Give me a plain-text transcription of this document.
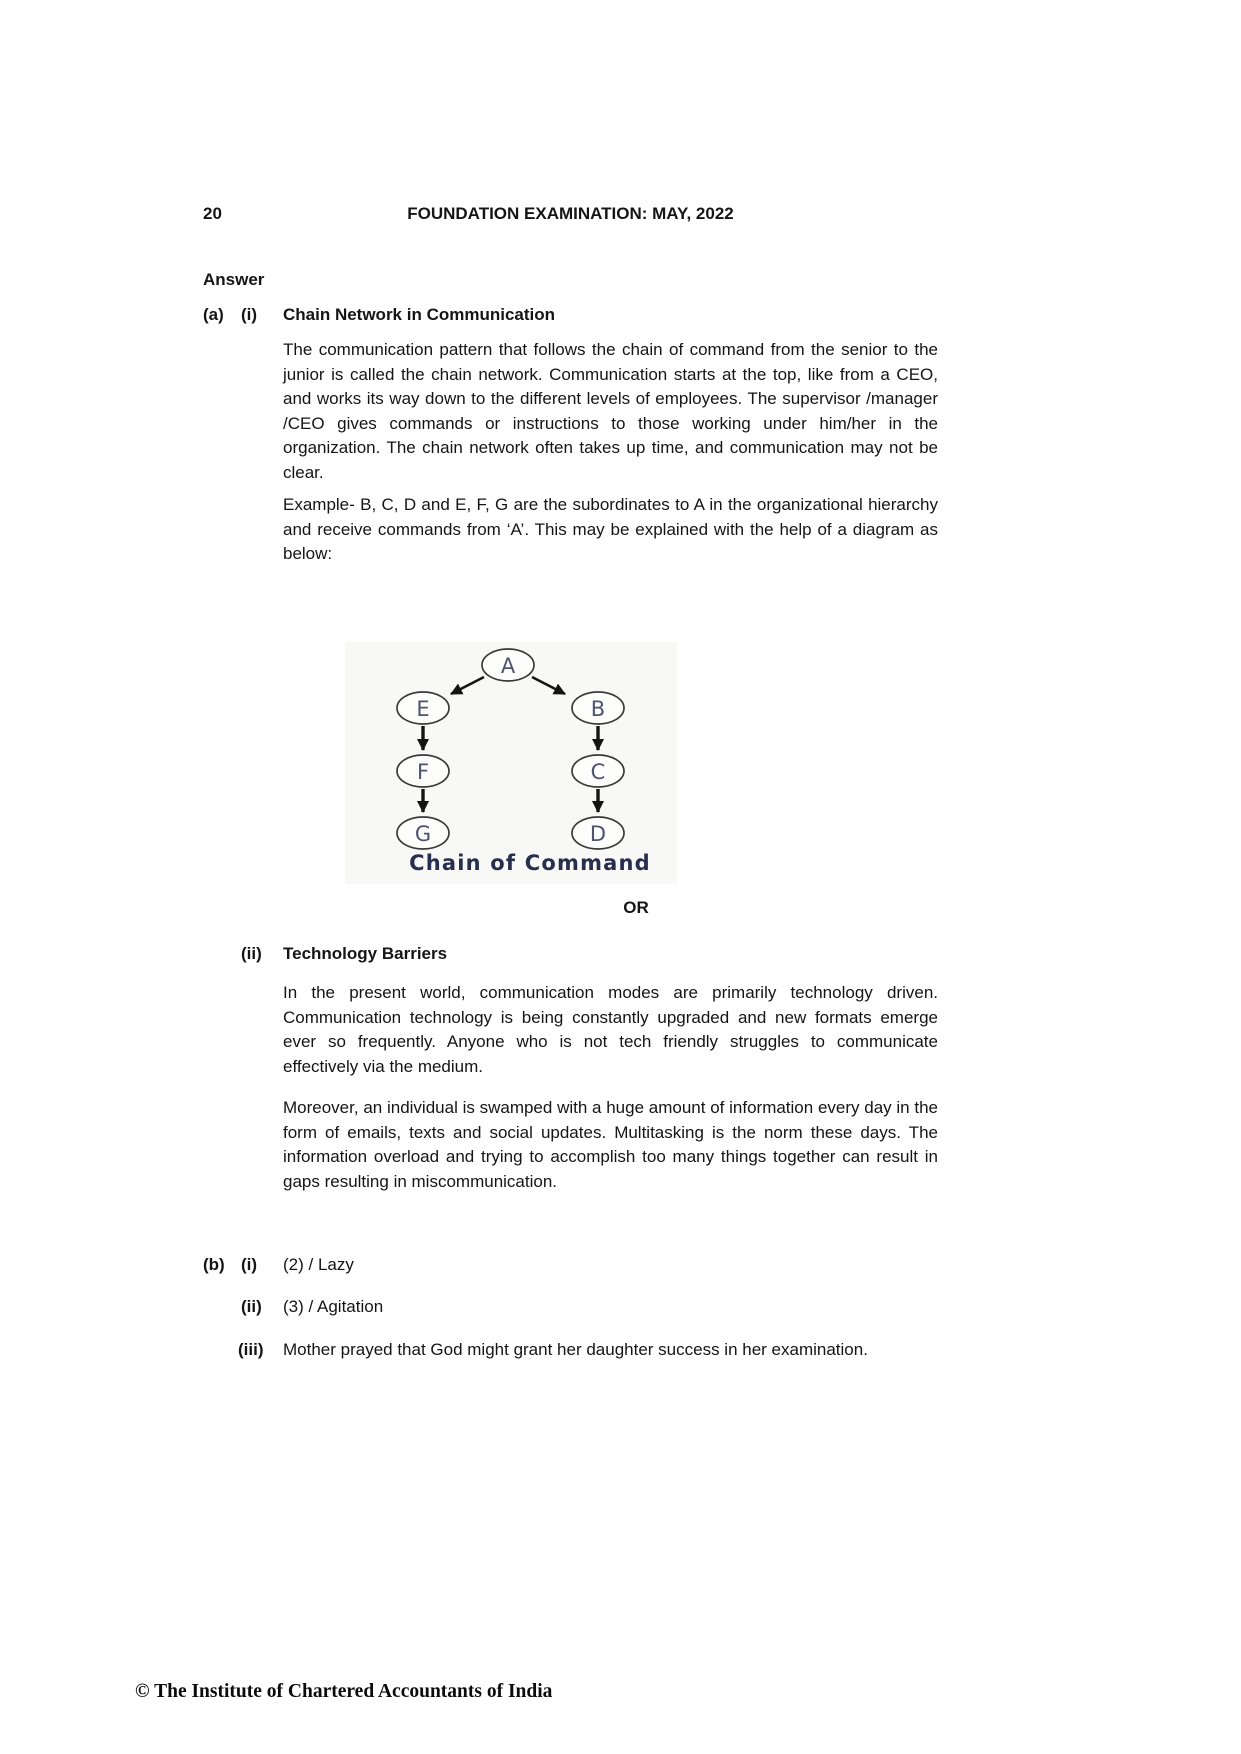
20	FOUNDATION EXAMINATION: MAY, 2022
Answer
(a) (i) Chain Network in Communication

The communication pattern that follows the chain of command from the senior to the junior is called the chain network. Communication starts at the top, like from a CEO, and works its way down to the different levels of employees. The supervisor /manager /CEO gives commands or instructions to those working under him/her in the organization. The chain network often takes up time, and communication may not be clear.

Example- B, C, D and E, F, G are the subordinates to A in the organizational hierarchy and receive commands from ‘A’. This may be explained with the help of a diagram as below:

A
E	B
F	C
G	D
Chain of Command
OR
(ii) Technology Barriers

In the present world, communication modes are primarily technology driven. Communication technology is being constantly upgraded and new formats emerge ever so frequently. Anyone who is not tech friendly struggles to communicate effectively via the medium.

Moreover, an individual is swamped with a huge amount of information every day in the form of emails, texts and social updates. Multitasking is the norm these days. The information overload and trying to accomplish too many things together can result in gaps resulting in miscommunication.

(b) (i) (2) / Lazy
(ii) (3) / Agitation
(iii) Mother prayed that God might grant her daughter success in her examination.
© The Institute of Chartered Accountants of India
